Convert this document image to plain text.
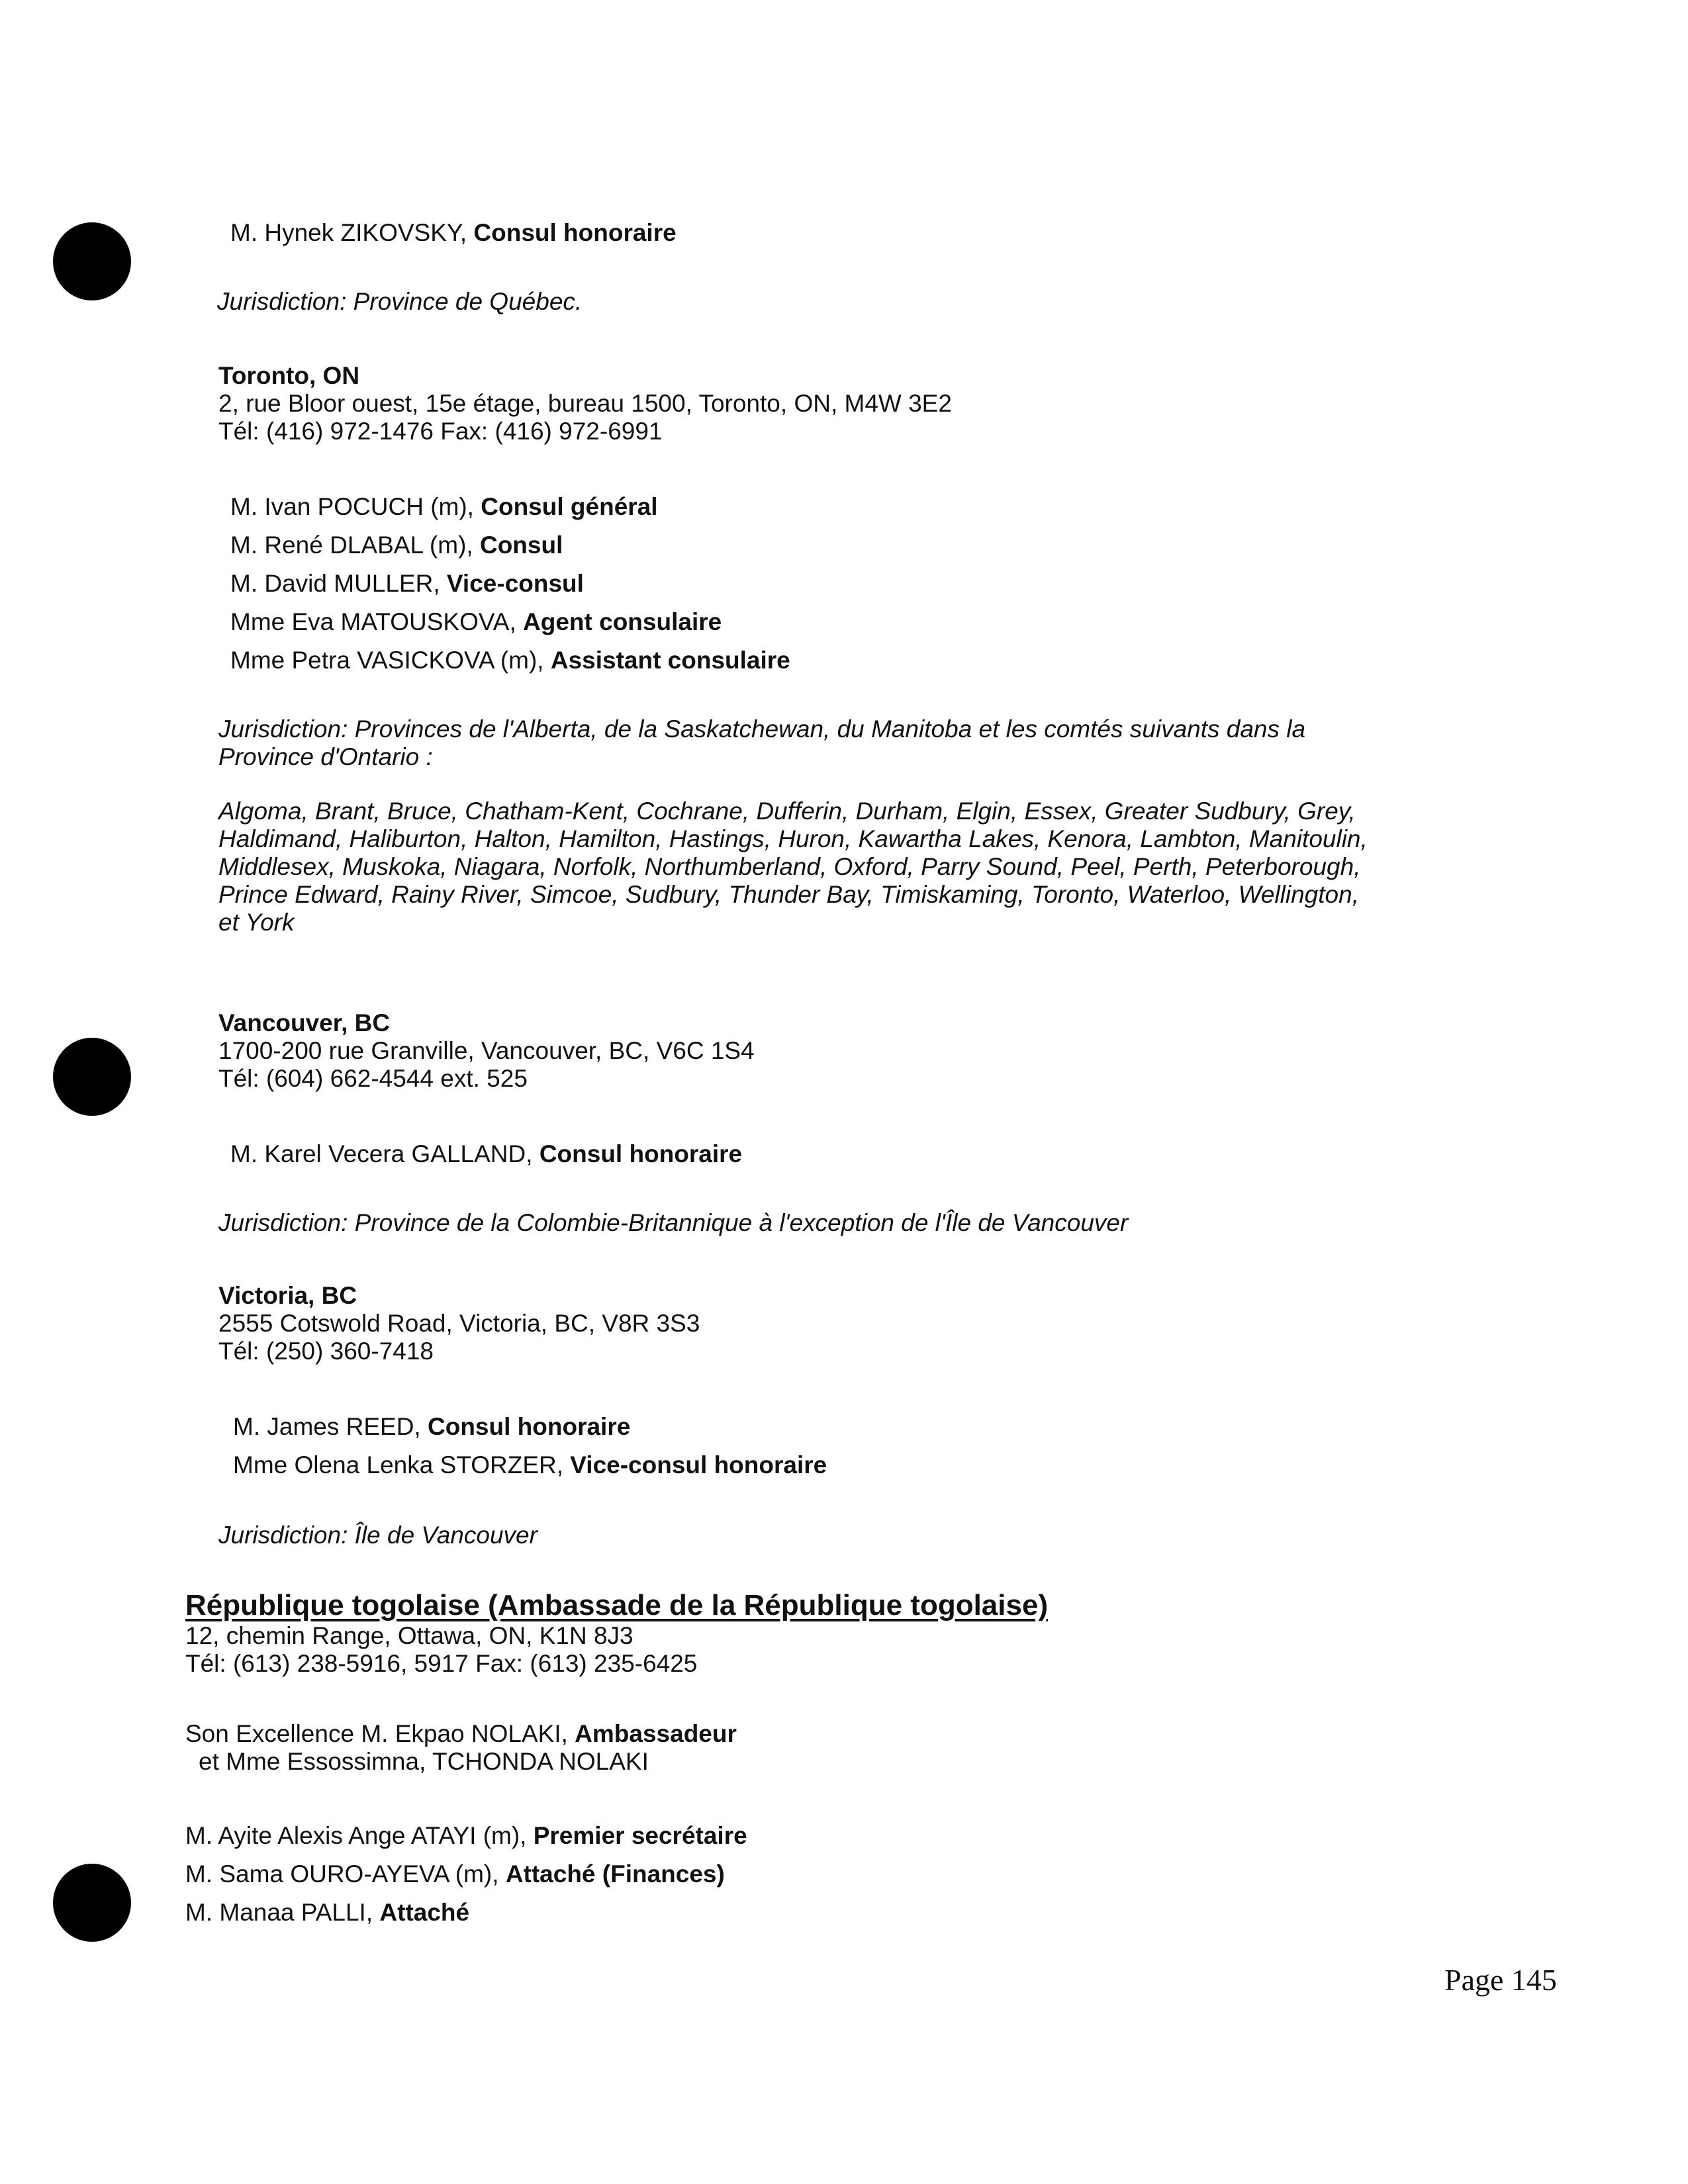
M. Hynek ZIKOVSKY, Consul honoraire
Jurisdiction: Province de Québec.
Toronto, ON
2, rue Bloor ouest, 15e étage, bureau 1500, Toronto, ON, M4W 3E2
Tél: (416) 972-1476 Fax: (416) 972-6991
M. Ivan POCUCH (m), Consul général
M. René DLABAL (m), Consul
M. David MULLER, Vice-consul
Mme Eva MATOUSKOVA, Agent consulaire
Mme Petra VASICKOVA (m), Assistant consulaire
Jurisdiction: Provinces de l'Alberta, de la Saskatchewan, du Manitoba et les comtés suivants dans la
Province d'Ontario :
Algoma, Brant, Bruce, Chatham-Kent, Cochrane, Dufferin, Durham, Elgin, Essex, Greater Sudbury, Grey,
Haldimand, Haliburton, Halton, Hamilton, Hastings, Huron, Kawartha Lakes, Kenora, Lambton, Manitoulin,
Middlesex, Muskoka, Niagara, Norfolk, Northumberland, Oxford, Parry Sound, Peel, Perth, Peterborough,
Prince Edward, Rainy River, Simcoe, Sudbury, Thunder Bay, Timiskaming, Toronto, Waterloo, Wellington,
et York
Vancouver, BC
1700-200 rue Granville, Vancouver, BC, V6C 1S4
Tél: (604) 662-4544 ext. 525
M. Karel Vecera GALLAND, Consul honoraire
Jurisdiction: Province de la Colombie-Britannique à l'exception de l'Île de Vancouver
Victoria, BC
2555 Cotswold Road, Victoria, BC, V8R 3S3
Tél: (250) 360-7418
M. James REED, Consul honoraire
Mme Olena Lenka STORZER, Vice-consul honoraire
Jurisdiction: Île de Vancouver
République togolaise (Ambassade de la République togolaise)
12, chemin Range, Ottawa, ON, K1N 8J3
Tél: (613) 238-5916, 5917 Fax: (613) 235-6425
Son Excellence M. Ekpao NOLAKI, Ambassadeur
et Mme Essossimna, TCHONDA NOLAKI
M. Ayite Alexis Ange ATAYI (m), Premier secrétaire
M. Sama OURO-AYEVA (m), Attaché (Finances)
M. Manaa PALLI, Attaché
Page 145
